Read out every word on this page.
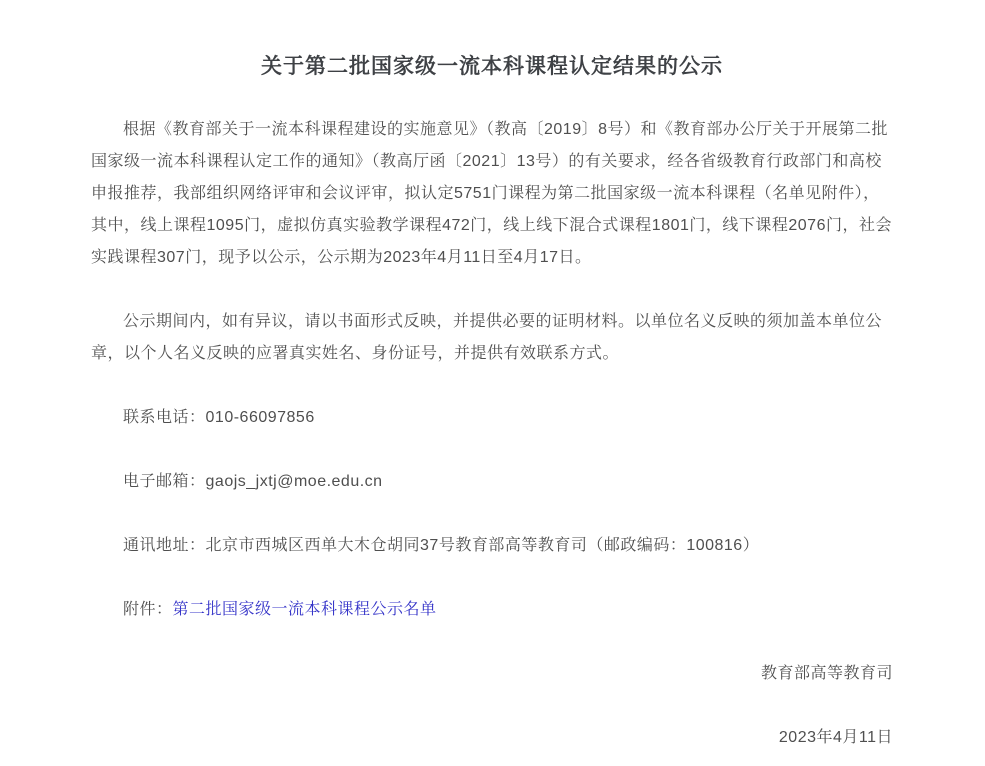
关于第二批国家级一流本科课程认定结果的公示

根据《教育部关于一流本科课程建设的实施意见》（教高〔2019〕8号）和《教育部办公厅关于开展第二批国家级一流本科课程认定工作的通知》（教高厅函〔2021〕13号）的有关要求，经各省级教育行政部门和高校申报推荐，我部组织网络评审和会议评审，拟认定5751门课程为第二批国家级一流本科课程（名单见附件），其中，线上课程1095门，虚拟仿真实验教学课程472门，线上线下混合式课程1801门，线下课程2076门，社会实践课程307门，现予以公示，公示期为2023年4月11日至4月17日。

公示期间内，如有异议，请以书面形式反映，并提供必要的证明材料。以单位名义反映的须加盖本单位公章，以个人名义反映的应署真实姓名、身份证号，并提供有效联系方式。

联系电话：010-66097856

电子邮箱：gaojs_jxtj@moe.edu.cn

通讯地址：北京市西城区西单大木仓胡同37号教育部高等教育司（邮政编码：100816）

附件：第二批国家级一流本科课程公示名单

教育部高等教育司

2023年4月11日
